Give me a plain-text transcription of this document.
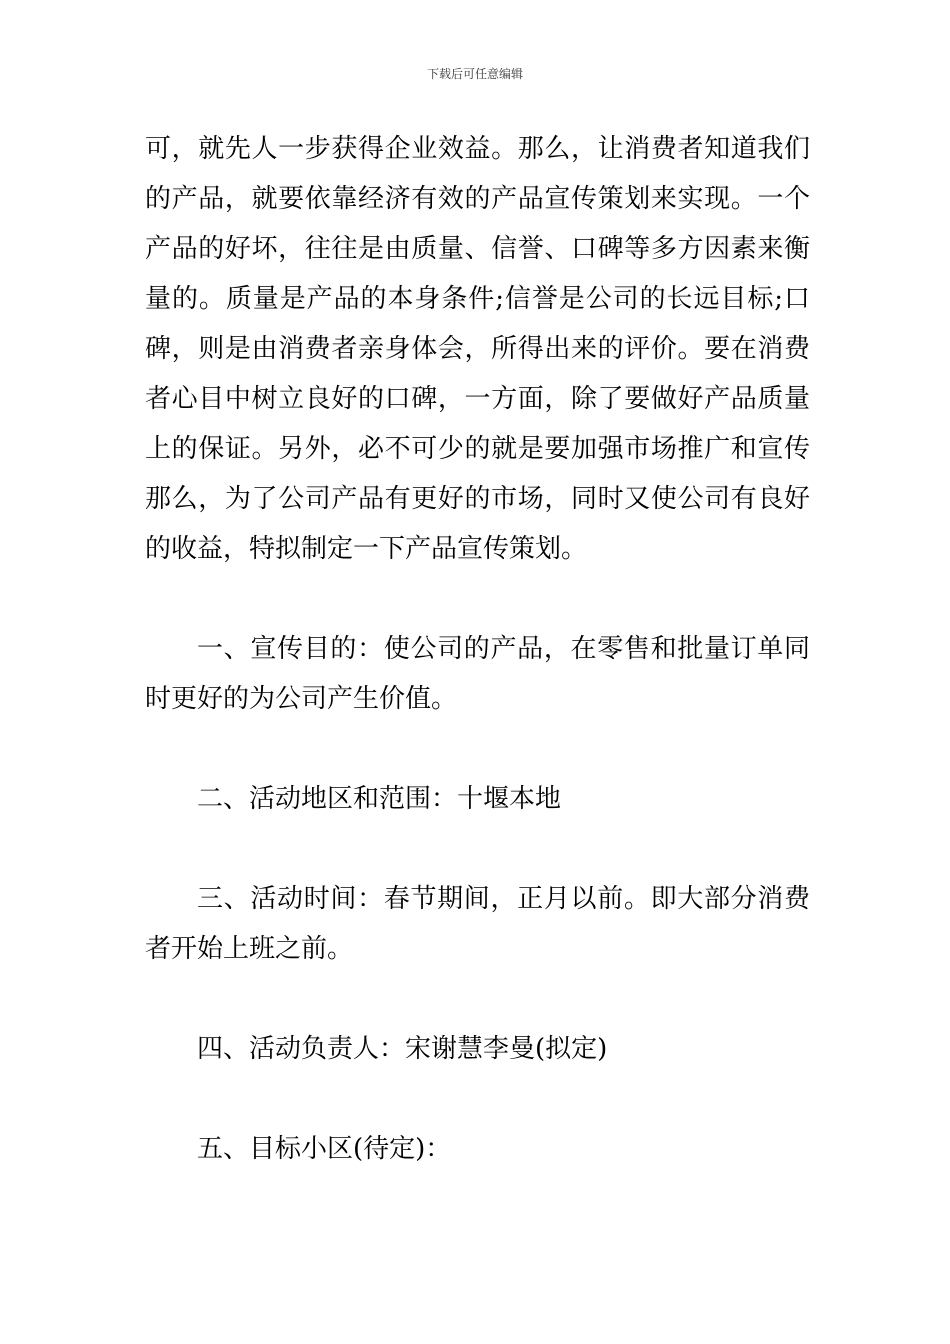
下载后可任意编辑

可，就先人一步获得企业效益。那么，让消费者知道我们的产品，就要依靠经济有效的产品宣传策划来实现。一个产品的好坏，往往是由质量、信誉、口碑等多方因素来衡量的。质量是产品的本身条件;信誉是公司的长远目标;口碑，则是由消费者亲身体会，所得出来的评价。要在消费者心目中树立良好的口碑，一方面，除了要做好产品质量上的保证。另外，必不可少的就是要加强市场推广和宣传那么，为了公司产品有更好的市场，同时又使公司有良好的收益，特拟制定一下产品宣传策划。

一、宣传目的：使公司的产品，在零售和批量订单同时更好的为公司产生价值。

二、活动地区和范围：十堰本地

三、活动时间：春节期间，正月以前。即大部分消费者开始上班之前。

四、活动负责人：宋谢慧李曼(拟定)

五、目标小区(待定)：
